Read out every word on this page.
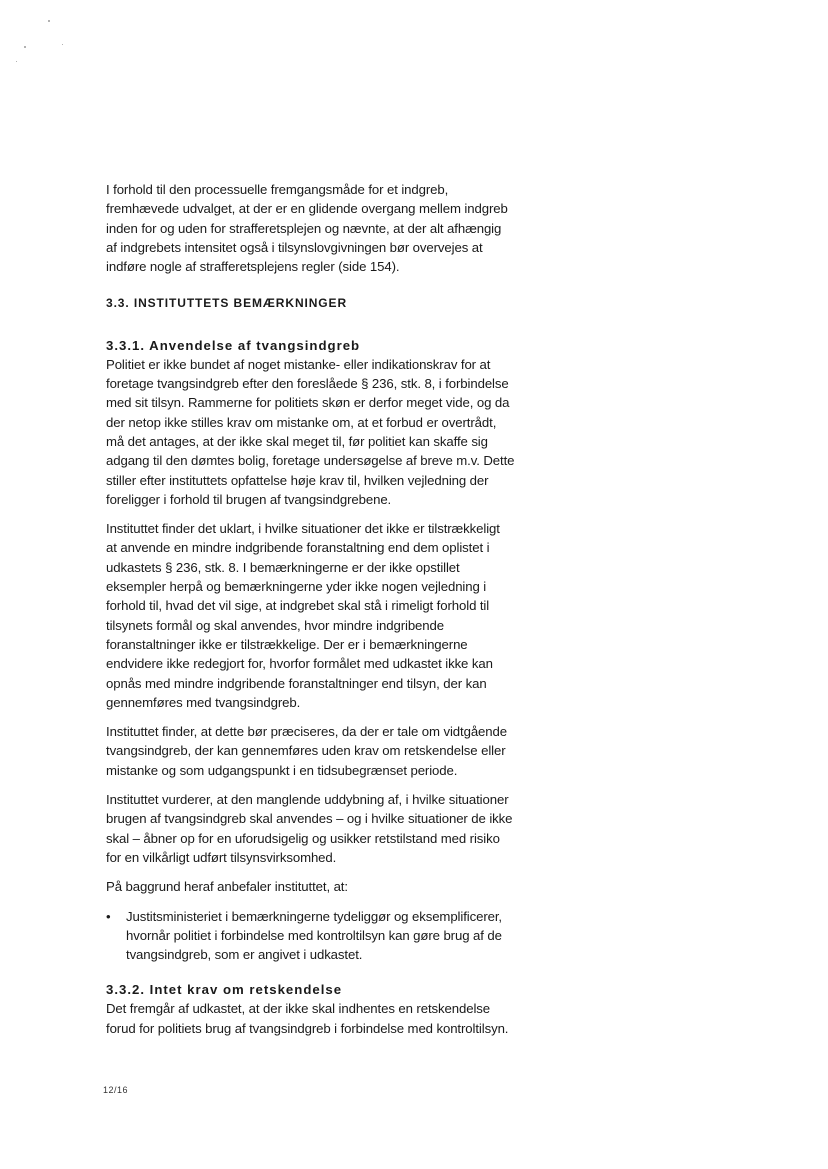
I forhold til den processuelle fremgangsmåde for et indgreb,
fremhævede udvalget, at der er en glidende overgang mellem indgreb
inden for og uden for strafferetsplejen og nævnte, at der alt afhængig
af indgrebets intensitet også i tilsynslovgivningen bør overvejes at
indføre nogle af strafferetsplejens regler (side 154).

3.3. INSTITUTTETS BEMÆRKNINGER
3.3.1. Anvendelse af tvangsindgreb

Politiet er ikke bundet af noget mistanke- eller indikationskrav for at
foretage tvangsindgreb efter den foreslåede § 236, stk. 8, i forbindelse
med sit tilsyn. Rammerne for politiets skøn er derfor meget vide, og da
der netop ikke stilles krav om mistanke om, at et forbud er overtrådt,
må det antages, at der ikke skal meget til, før politiet kan skaffe sig
adgang til den dømtes bolig, foretage undersøgelse af breve m.v. Dette
stiller efter instituttets opfattelse høje krav til, hvilken vejledning der
foreligger i forhold til brugen af tvangsindgrebene.

Instituttet finder det uklart, i hvilke situationer det ikke er tilstrækkeligt
at anvende en mindre indgribende foranstaltning end dem oplistet i
udkastets § 236, stk. 8. I bemærkningerne er der ikke opstillet
eksempler herpå og bemærkningerne yder ikke nogen vejledning i
forhold til, hvad det vil sige, at indgrebet skal stå i rimeligt forhold til
tilsynets formål og skal anvendes, hvor mindre indgribende
foranstaltninger ikke er tilstrækkelige. Der er i bemærkningerne
endvidere ikke redegjort for, hvorfor formålet med udkastet ikke kan
opnås med mindre indgribende foranstaltninger end tilsyn, der kan
gennemføres med tvangsindgreb.

Instituttet finder, at dette bør præciseres, da der er tale om vidtgående
tvangsindgreb, der kan gennemføres uden krav om retskendelse eller
mistanke og som udgangspunkt i en tidsubegrænset periode.

Instituttet vurderer, at den manglende uddybning af, i hvilke situationer
brugen af tvangsindgreb skal anvendes – og i hvilke situationer de ikke
skal – åbner op for en uforudsigelig og usikker retstilstand med risiko
for en vilkårligt udført tilsynsvirksomhed.

På baggrund heraf anbefaler instituttet, at:

• Justitsministeriet i bemærkningerne tydeliggør og eksemplificerer,
hvornår politiet i forbindelse med kontroltilsyn kan gøre brug af de
tvangsindgreb, som er angivet i udkastet.
3.3.2. Intet krav om retskendelse

Det fremgår af udkastet, at der ikke skal indhentes en retskendelse
forud for politiets brug af tvangsindgreb i forbindelse med kontroltilsyn.

12/16
